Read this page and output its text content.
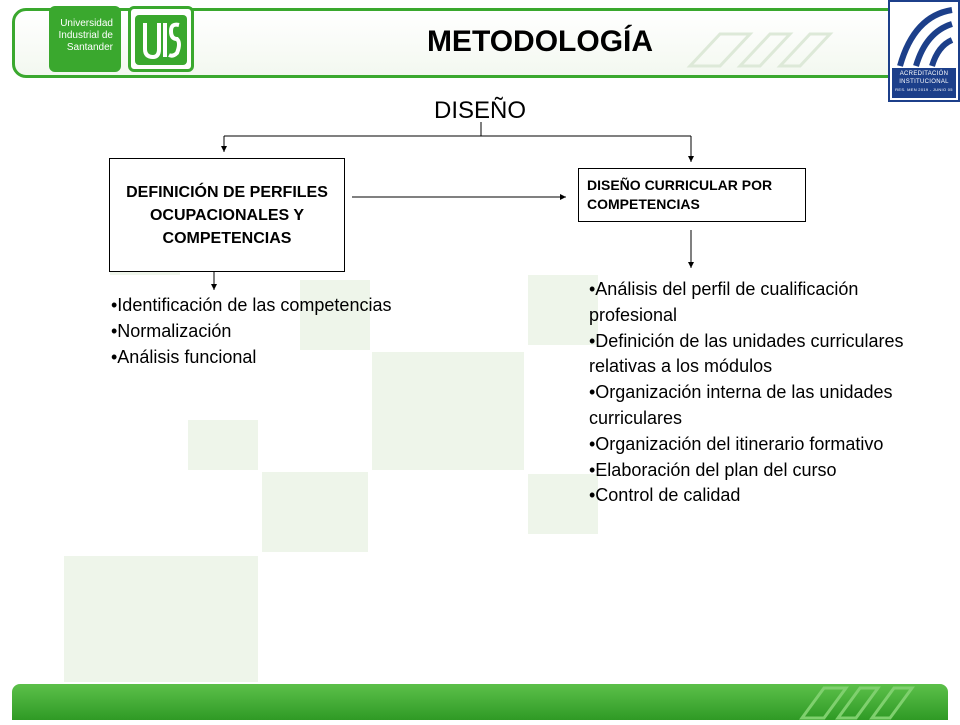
Universidad
Industrial de
Santander	METODOLOGÍA
ACREDITACIÓN
INSTITUCIONAL
RES. MEN 2019 - JUNIO 05
DISEÑO
DEFINICIÓN DE PERFILES OCUPACIONALES Y COMPETENCIAS
DISEÑO CURRICULAR POR COMPETENCIAS
•Identificación de las competencias
•Normalización
•Análisis funcional
•Análisis del perfil de cualificación profesional
•Definición de las unidades curriculares relativas a los módulos
•Organización interna de las unidades curriculares
•Organización del itinerario formativo
•Elaboración del plan del curso
•Control de calidad
